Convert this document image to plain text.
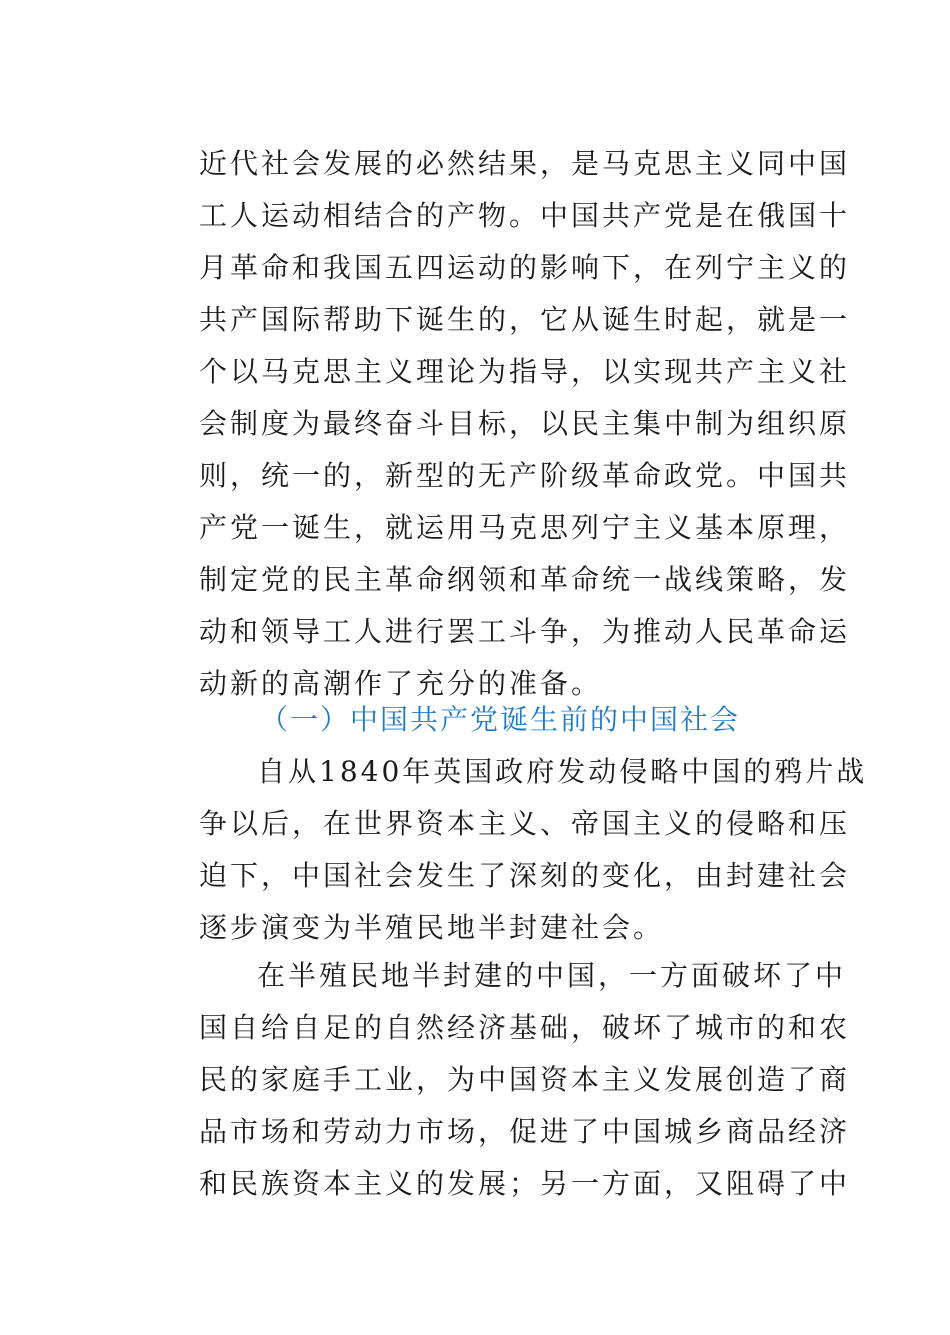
近代社会发展的必然结果，是马克思主义同中国
工人运动相结合的产物。中国共产党是在俄国十
月革命和我国五四运动的影响下，在列宁主义的
共产国际帮助下诞生的，它从诞生时起，就是一
个以马克思主义理论为指导，以实现共产主义社
会制度为最终奋斗目标，以民主集中制为组织原
则，统一的，新型的无产阶级革命政党。中国共
产党一诞生，就运用马克思列宁主义基本原理，
制定党的民主革命纲领和革命统一战线策略，发
动和领导工人进行罢工斗争，为推动人民革命运
动新的高潮作了充分的准备。
（一）中国共产党诞生前的中国社会
自从1840年英国政府发动侵略中国的鸦片战
争以后，在世界资本主义、帝国主义的侵略和压
迫下，中国社会发生了深刻的变化，由封建社会
逐步演变为半殖民地半封建社会。
在半殖民地半封建的中国，一方面破坏了中
国自给自足的自然经济基础，破坏了城市的和农
民的家庭手工业，为中国资本主义发展创造了商
品市场和劳动力市场，促进了中国城乡商品经济
和民族资本主义的发展；另一方面，又阻碍了中
